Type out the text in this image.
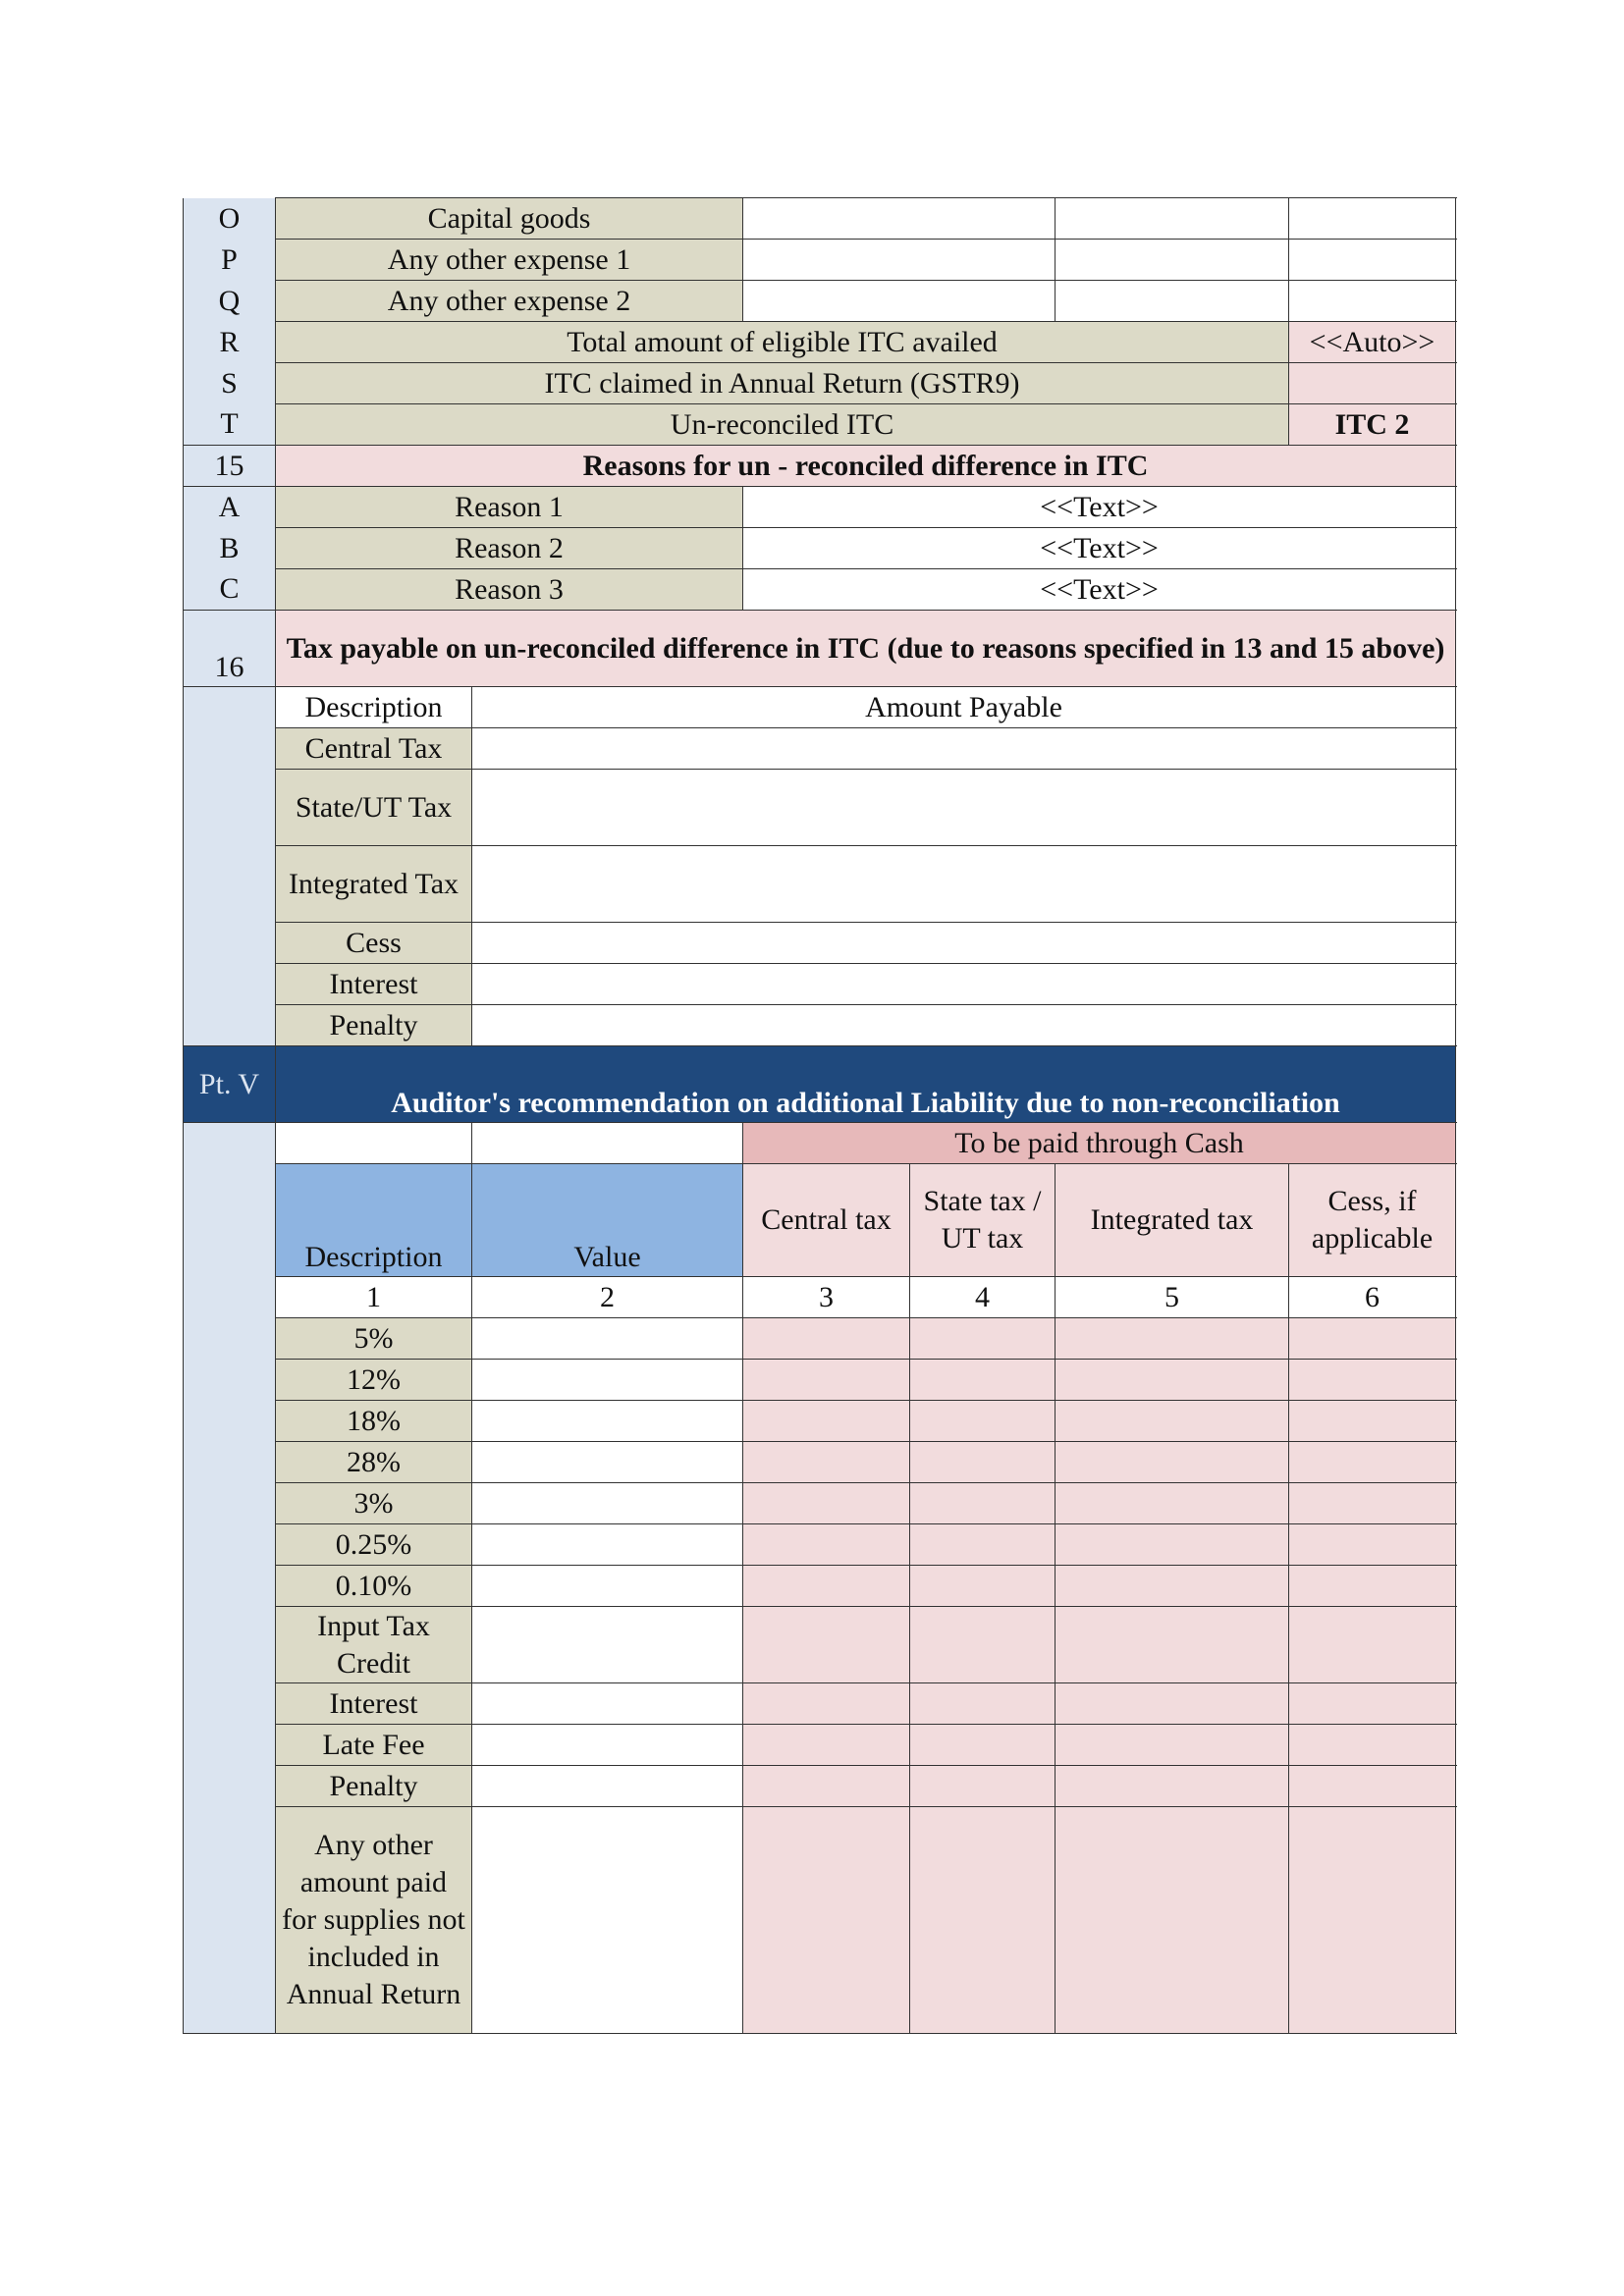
O	Capital goods					
P	Any other expense 1					
Q	Any other expense 2					
R	Total amount of eligible ITC availed					<<Auto>>
S	ITC claimed in Annual Return (GSTR9)					
T	Un-reconciled ITC					ITC 2
15	Reasons for un - reconciled difference in ITC					
A	Reason 1		<<Text>>			
B	Reason 2		<<Text>>			
C	Reason 3		<<Text>>			
16	Tax payable on un-reconciled difference in ITC (due to reasons specified in 13 and 15 above)					
	Description	Amount Payable				
	Central Tax					
	State/UT Tax					
	Integrated Tax					
	Cess					
	Interest					
	Penalty					
Pt. V	Auditor's recommendation on additional Liability due to non-reconciliation					
			To be paid through Cash			
	Description	Value	Central tax	State tax / UT tax	Integrated tax	Cess, if applicable
	1	2	3	4	5	6
	5%					
	12%					
	18%					
	28%					
	3%					
	0.25%					
	0.10%					
	Input Tax Credit					
	Interest					
	Late Fee					
	Penalty					
	Any other amount paid for supplies not included in Annual Return					
